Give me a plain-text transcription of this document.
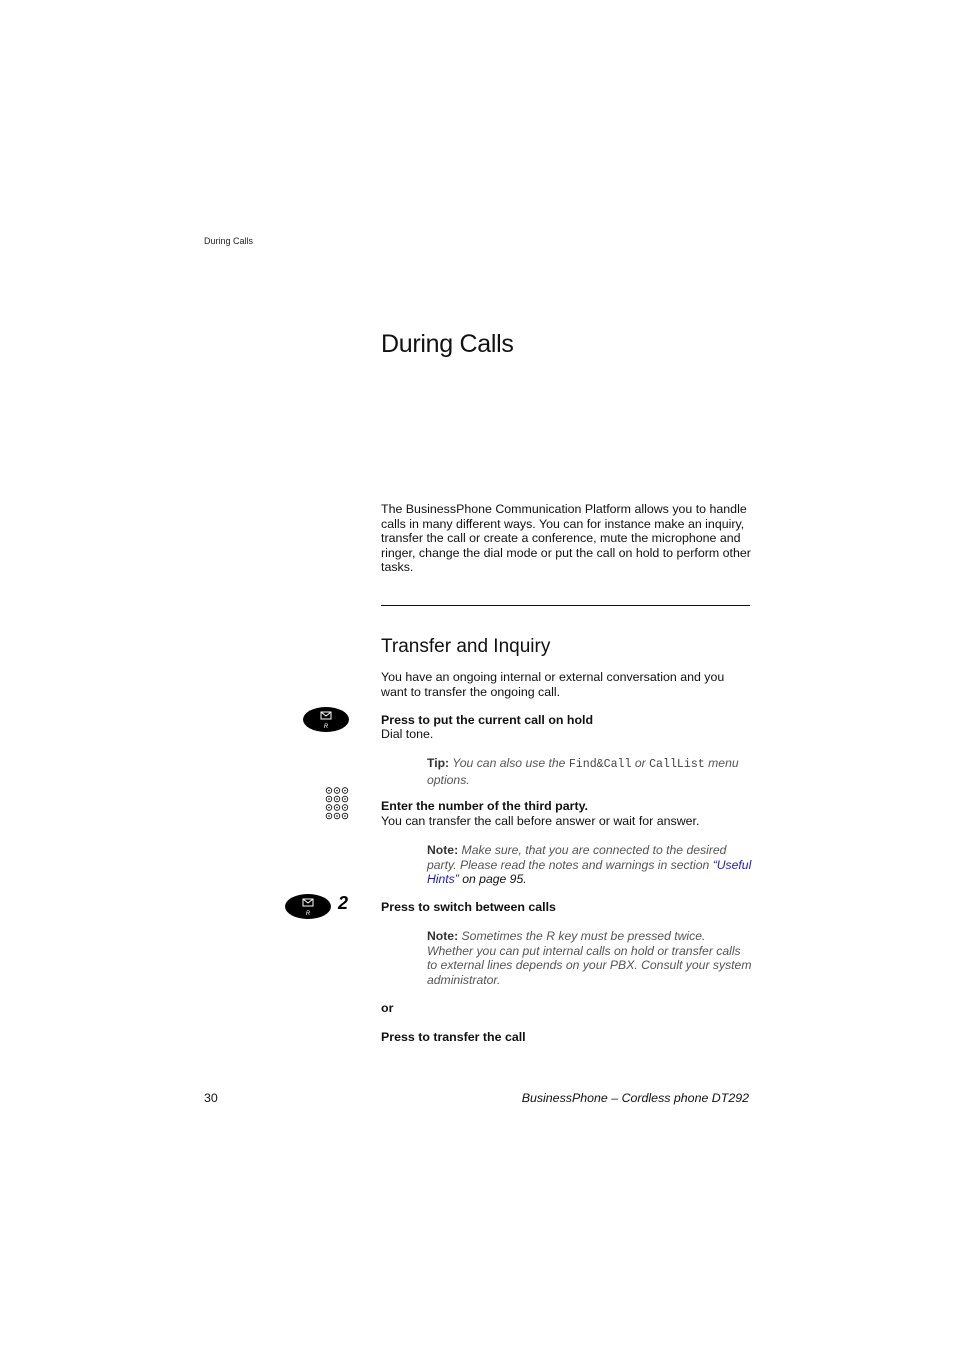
During Calls
During Calls
The BusinessPhone Communication Platform allows you to handle calls in many different ways. You can for instance make an inquiry, transfer the call or create a conference, mute the microphone and ringer, change the dial mode or put the call on hold to perform other tasks.
Transfer and Inquiry
You have an ongoing internal or external conversation and you want to transfer the ongoing call.
R	Press to put the current call on hold
Dial tone.
Tip: You can also use the Find&Call or CallList menu options.
Enter the number of the third party.
You can transfer the call before answer or wait for answer.
Note: Make sure, that you are connected to the desired party. Please read the notes and warnings in section “Useful Hints” on page 95.
R
2	Press to switch between calls
Note: Sometimes the R key must be pressed twice. Whether you can put internal calls on hold or transfer calls to external lines depends on your PBX. Consult your system administrator.
or
Press to transfer the call
30	BusinessPhone – Cordless phone DT292
